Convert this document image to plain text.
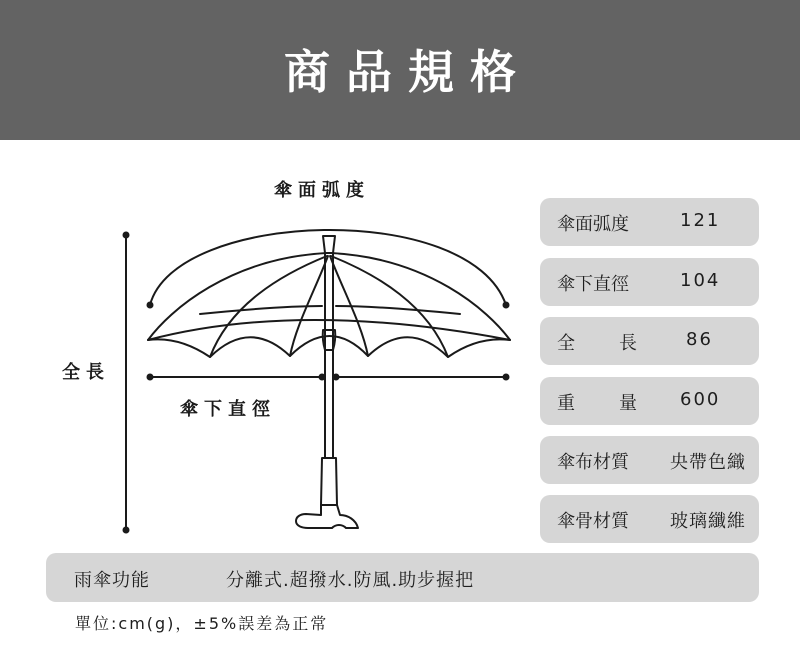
商品規格
傘面弧度
全長
傘下直徑
傘面弧度	121
傘下直徑	104
全長 86
重量 600
傘布材質	央帶色織
傘骨材質	玻璃纖維
雨傘功能	分離式.超撥水.防風.助步握把
單位:cm(g)，±5%誤差為正常
